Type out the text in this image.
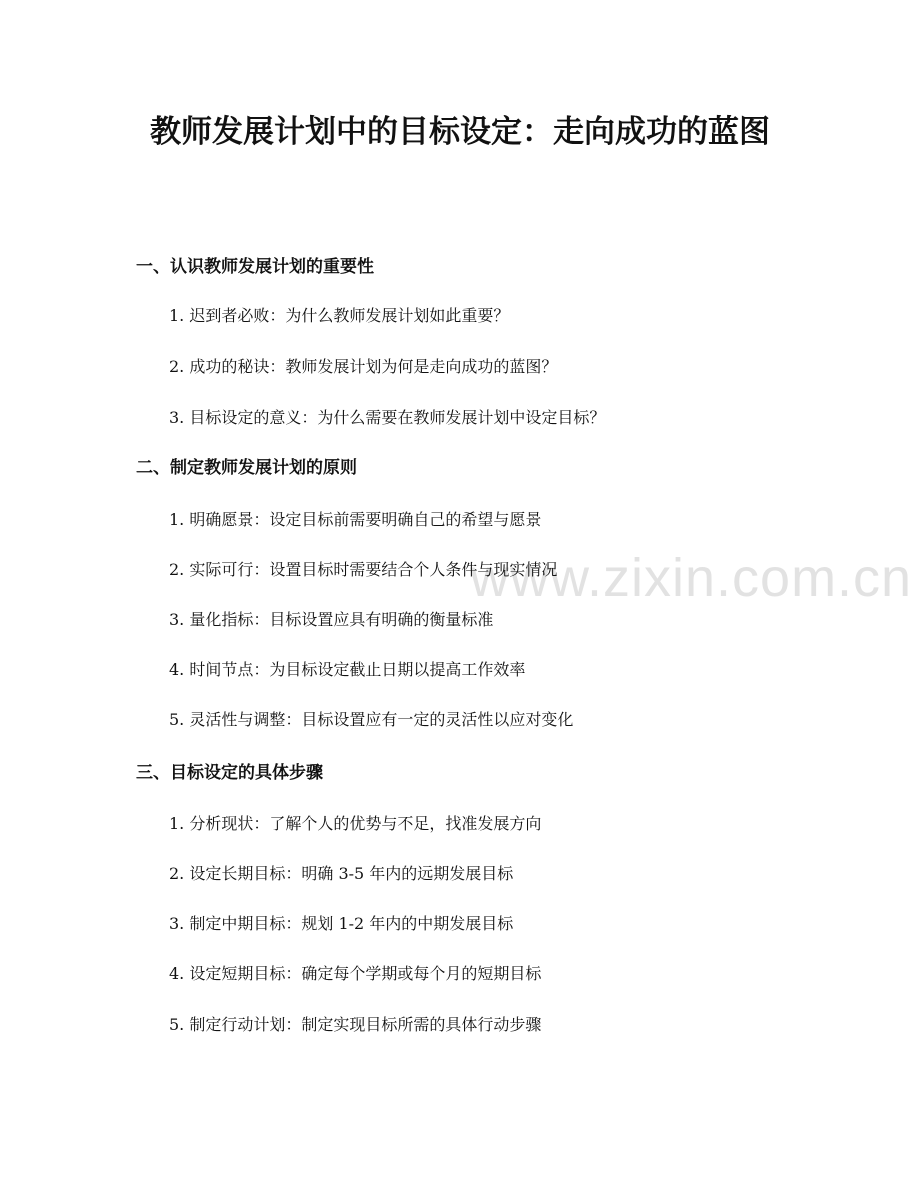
教师发展计划中的目标设定：走向成功的蓝图
www.zixin.com.cn
一、认识教师发展计划的重要性

1. 迟到者必败：为什么教师发展计划如此重要？

2. 成功的秘诀：教师发展计划为何是走向成功的蓝图？

3. 目标设定的意义：为什么需要在教师发展计划中设定目标？

二、制定教师发展计划的原则

1. 明确愿景：设定目标前需要明确自己的希望与愿景

2. 实际可行：设置目标时需要结合个人条件与现实情况

3. 量化指标：目标设置应具有明确的衡量标准

4. 时间节点：为目标设定截止日期以提高工作效率

5. 灵活性与调整：目标设置应有一定的灵活性以应对变化

三、目标设定的具体步骤

1. 分析现状：了解个人的优势与不足，找准发展方向

2. 设定长期目标：明确 3-5 年内的远期发展目标

3. 制定中期目标：规划 1-2 年内的中期发展目标

4. 设定短期目标：确定每个学期或每个月的短期目标

5. 制定行动计划：制定实现目标所需的具体行动步骤
